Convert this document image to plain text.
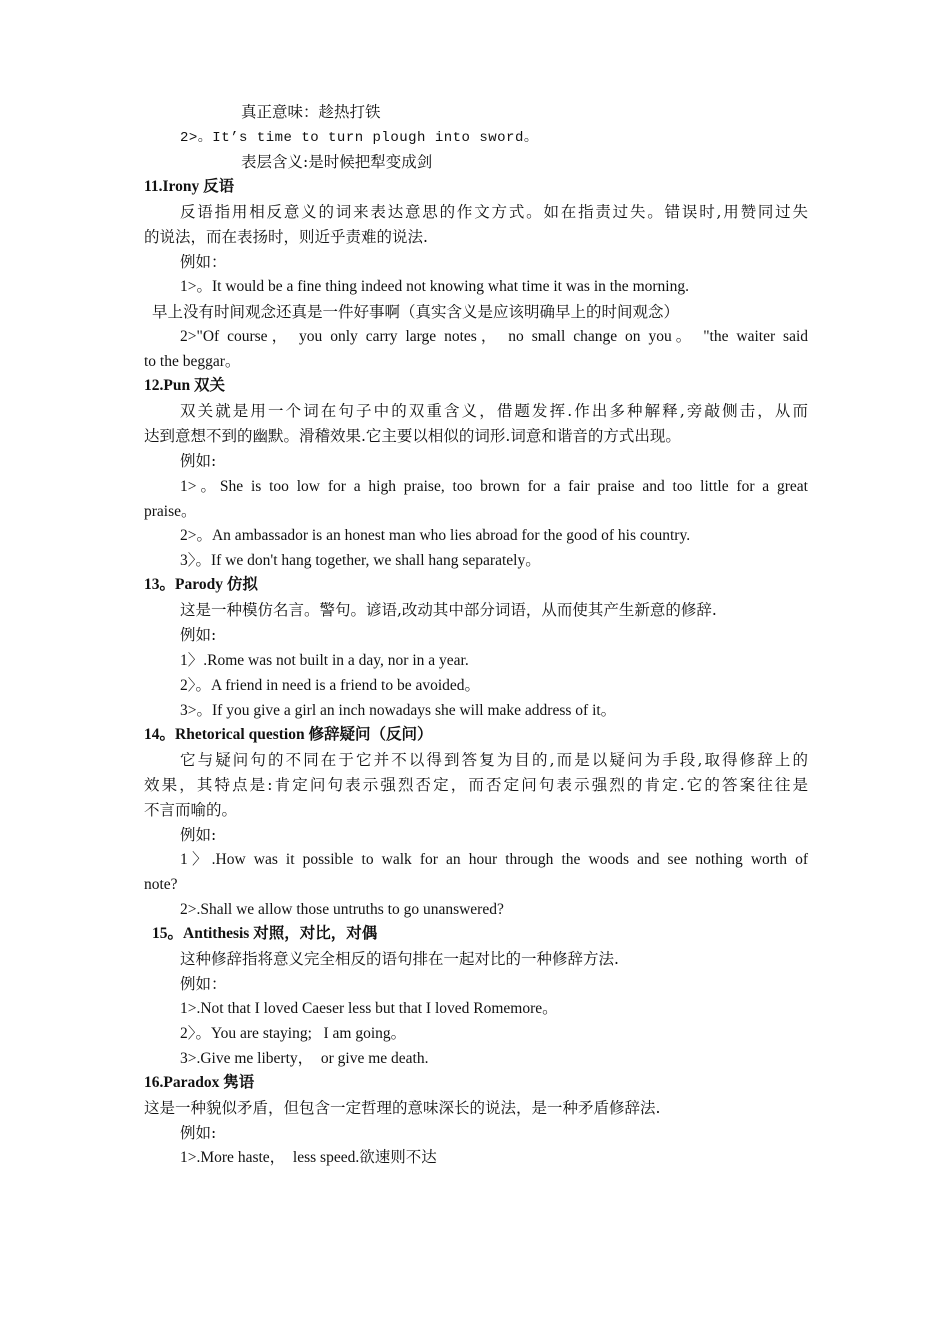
真正意味：趁热打铁
2>。It’s time to turn plough into sword。
表层含义:是时候把犁变成剑
11.Irony 反语
反语指用相反意义的词来表达意思的作文方式。如在指责过失。错误时,用赞同过失
的说法，而在表扬时，则近乎责难的说法.
例如：
1>。It would be a fine thing indeed not knowing what time it was in the morning.
早上没有时间观念还真是一件好事啊（真实含义是应该明确早上的时间观念）
2>"Of course， you only carry large notes， no small change on you。 "the waiter said
to the beggar。
12.Pun 双关
双关就是用一个词在句子中的双重含义，借题发挥.作出多种解释,旁敲侧击，从而
达到意想不到的幽默。滑稽效果.它主要以相似的词形.词意和谐音的方式出现。
例如:
1>。She is too low for a high praise, too brown for a fair praise and too little for a great
praise。
2>。An ambassador is an honest man who lies abroad for the good of his country.
3〉。If we don't hang together, we shall hang separately。
13。Parody 仿拟
这是一种模仿名言。警句。谚语,改动其中部分词语，从而使其产生新意的修辞.
例如:
1〉.Rome was not built in a day, nor in a year.
2〉。A friend in need is a friend to be avoided。
3>。If you give a girl an inch nowadays she will make address of it。
14。Rhetorical question 修辞疑问（反问）
它与疑问句的不同在于它并不以得到答复为目的,而是以疑问为手段,取得修辞上的
效果，其特点是:肯定问句表示强烈否定，而否定问句表示强烈的肯定.它的答案往往是
不言而喻的。
例如:
1〉.How was it possible to walk for an hour through the woods and see nothing worth of
note?
2>.Shall we allow those untruths to go unanswered?
15。Antithesis 对照，对比，对偶
这种修辞指将意义完全相反的语句排在一起对比的一种修辞方法.
例如：
1>.Not that I loved Caeser less but that I loved Romemore。
2〉。You are staying;   I am going。
3>.Give me liberty，  or give me death.
16.Paradox 隽语
这是一种貌似矛盾，但包含一定哲理的意味深长的说法，是一种矛盾修辞法.
例如:
1>.More haste，  less speed.欲速则不达
